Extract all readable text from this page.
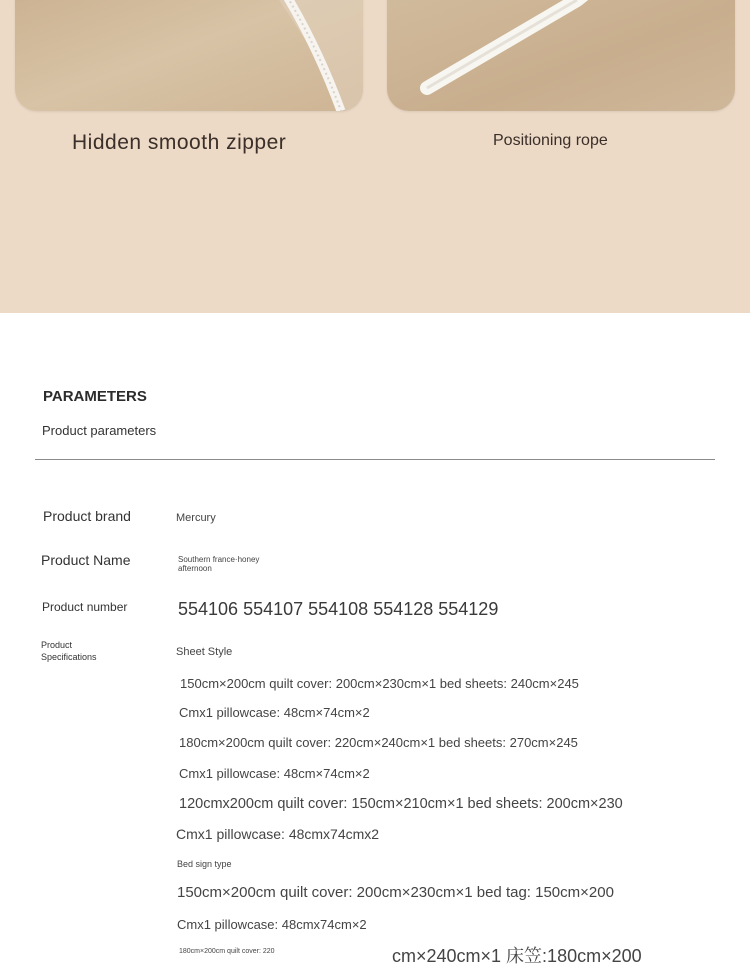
Hidden smooth zipper	Positioning rope
PARAMETERS
Product parameters
Product brand	Mercury
Product Name	Southern france·honey
afternoon
Product number	554106 554107 554108 554128 554129
Product
Specifications	Sheet Style
150cm×200cm quilt cover: 200cm×230cm×1 bed sheets: 240cm×245
Cmx1 pillowcase: 48cm×74cm×2
180cm×200cm quilt cover: 220cm×240cm×1 bed sheets: 270cm×245
Cmx1 pillowcase: 48cm×74cm×2
120cmx200cm quilt cover: 150cm×210cm×1 bed sheets: 200cm×230
Cmx1 pillowcase: 48cmx74cmx2
Bed sign type
150cm×200cm quilt cover: 200cm×230cm×1 bed tag: 150cm×200
Cmx1 pillowcase: 48cmx74cm×2
180cm×200cm quilt cover: 220	cm×240cm×1 床笠:180cm×200
